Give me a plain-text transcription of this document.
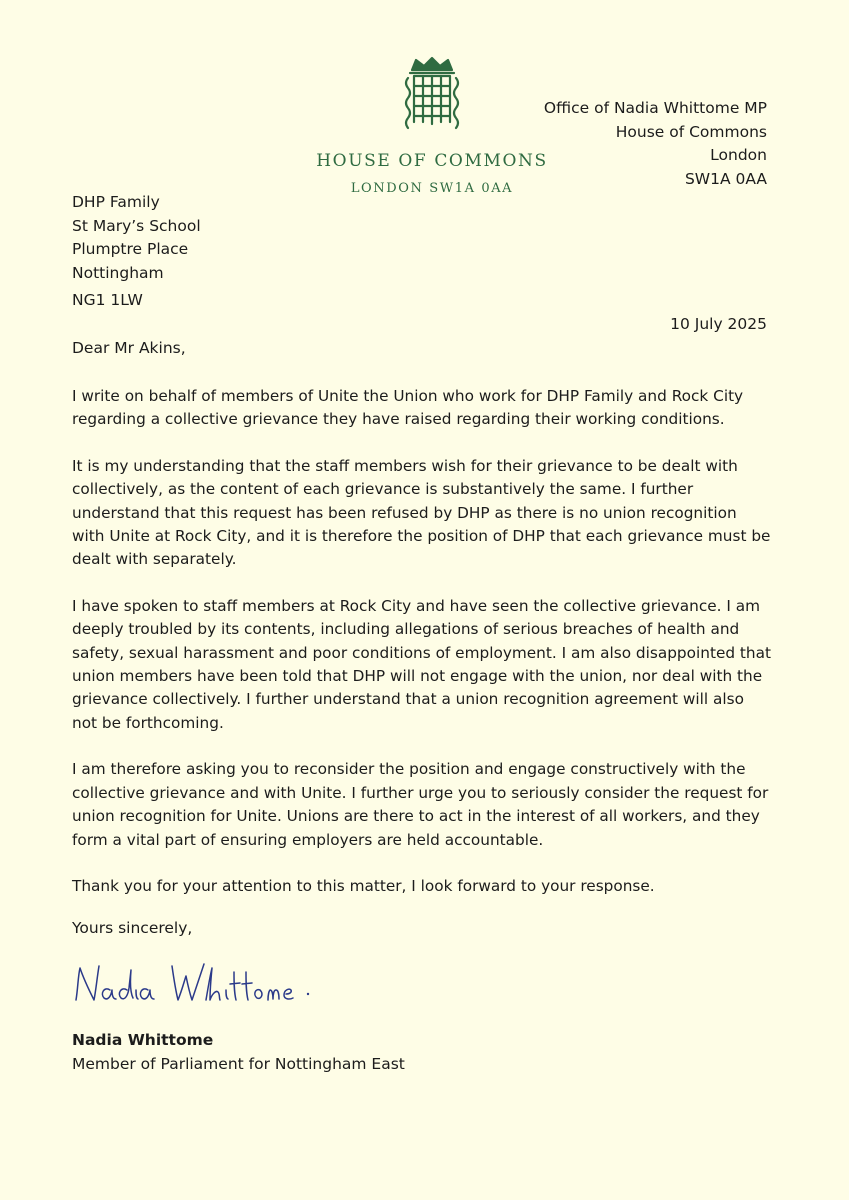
HOUSE OF COMMONS
LONDON SW1A 0AA
Office of Nadia Whittome MP
House of Commons
London
SW1A 0AA
DHP Family
St Mary’s School
Plumptre Place
Nottingham
NG1 1LW
10 July 2025
Dear Mr Akins,

I write on behalf of members of Unite the Union who work for DHP Family and Rock City regarding a collective grievance they have raised regarding their working conditions.

It is my understanding that the staff members wish for their grievance to be dealt with collectively, as the content of each grievance is substantively the same. I further understand that this request has been refused by DHP as there is no union recognition with Unite at Rock City, and it is therefore the position of DHP that each grievance must be dealt with separately.

I have spoken to staff members at Rock City and have seen the collective grievance. I am deeply troubled by its contents, including allegations of serious breaches of health and safety, sexual harassment and poor conditions of employment. I am also disappointed that union members have been told that DHP will not engage with the union, nor deal with the grievance collectively. I further understand that a union recognition agreement will also not be forthcoming.

I am therefore asking you to reconsider the position and engage constructively with the collective grievance and with Unite. I further urge you to seriously consider the request for union recognition for Unite. Unions are there to act in the interest of all workers, and they form a vital part of ensuring employers are held accountable.

Thank you for your attention to this matter, I look forward to your response.

Yours sincerely,
Nadia Whittome
Member of Parliament for Nottingham East
